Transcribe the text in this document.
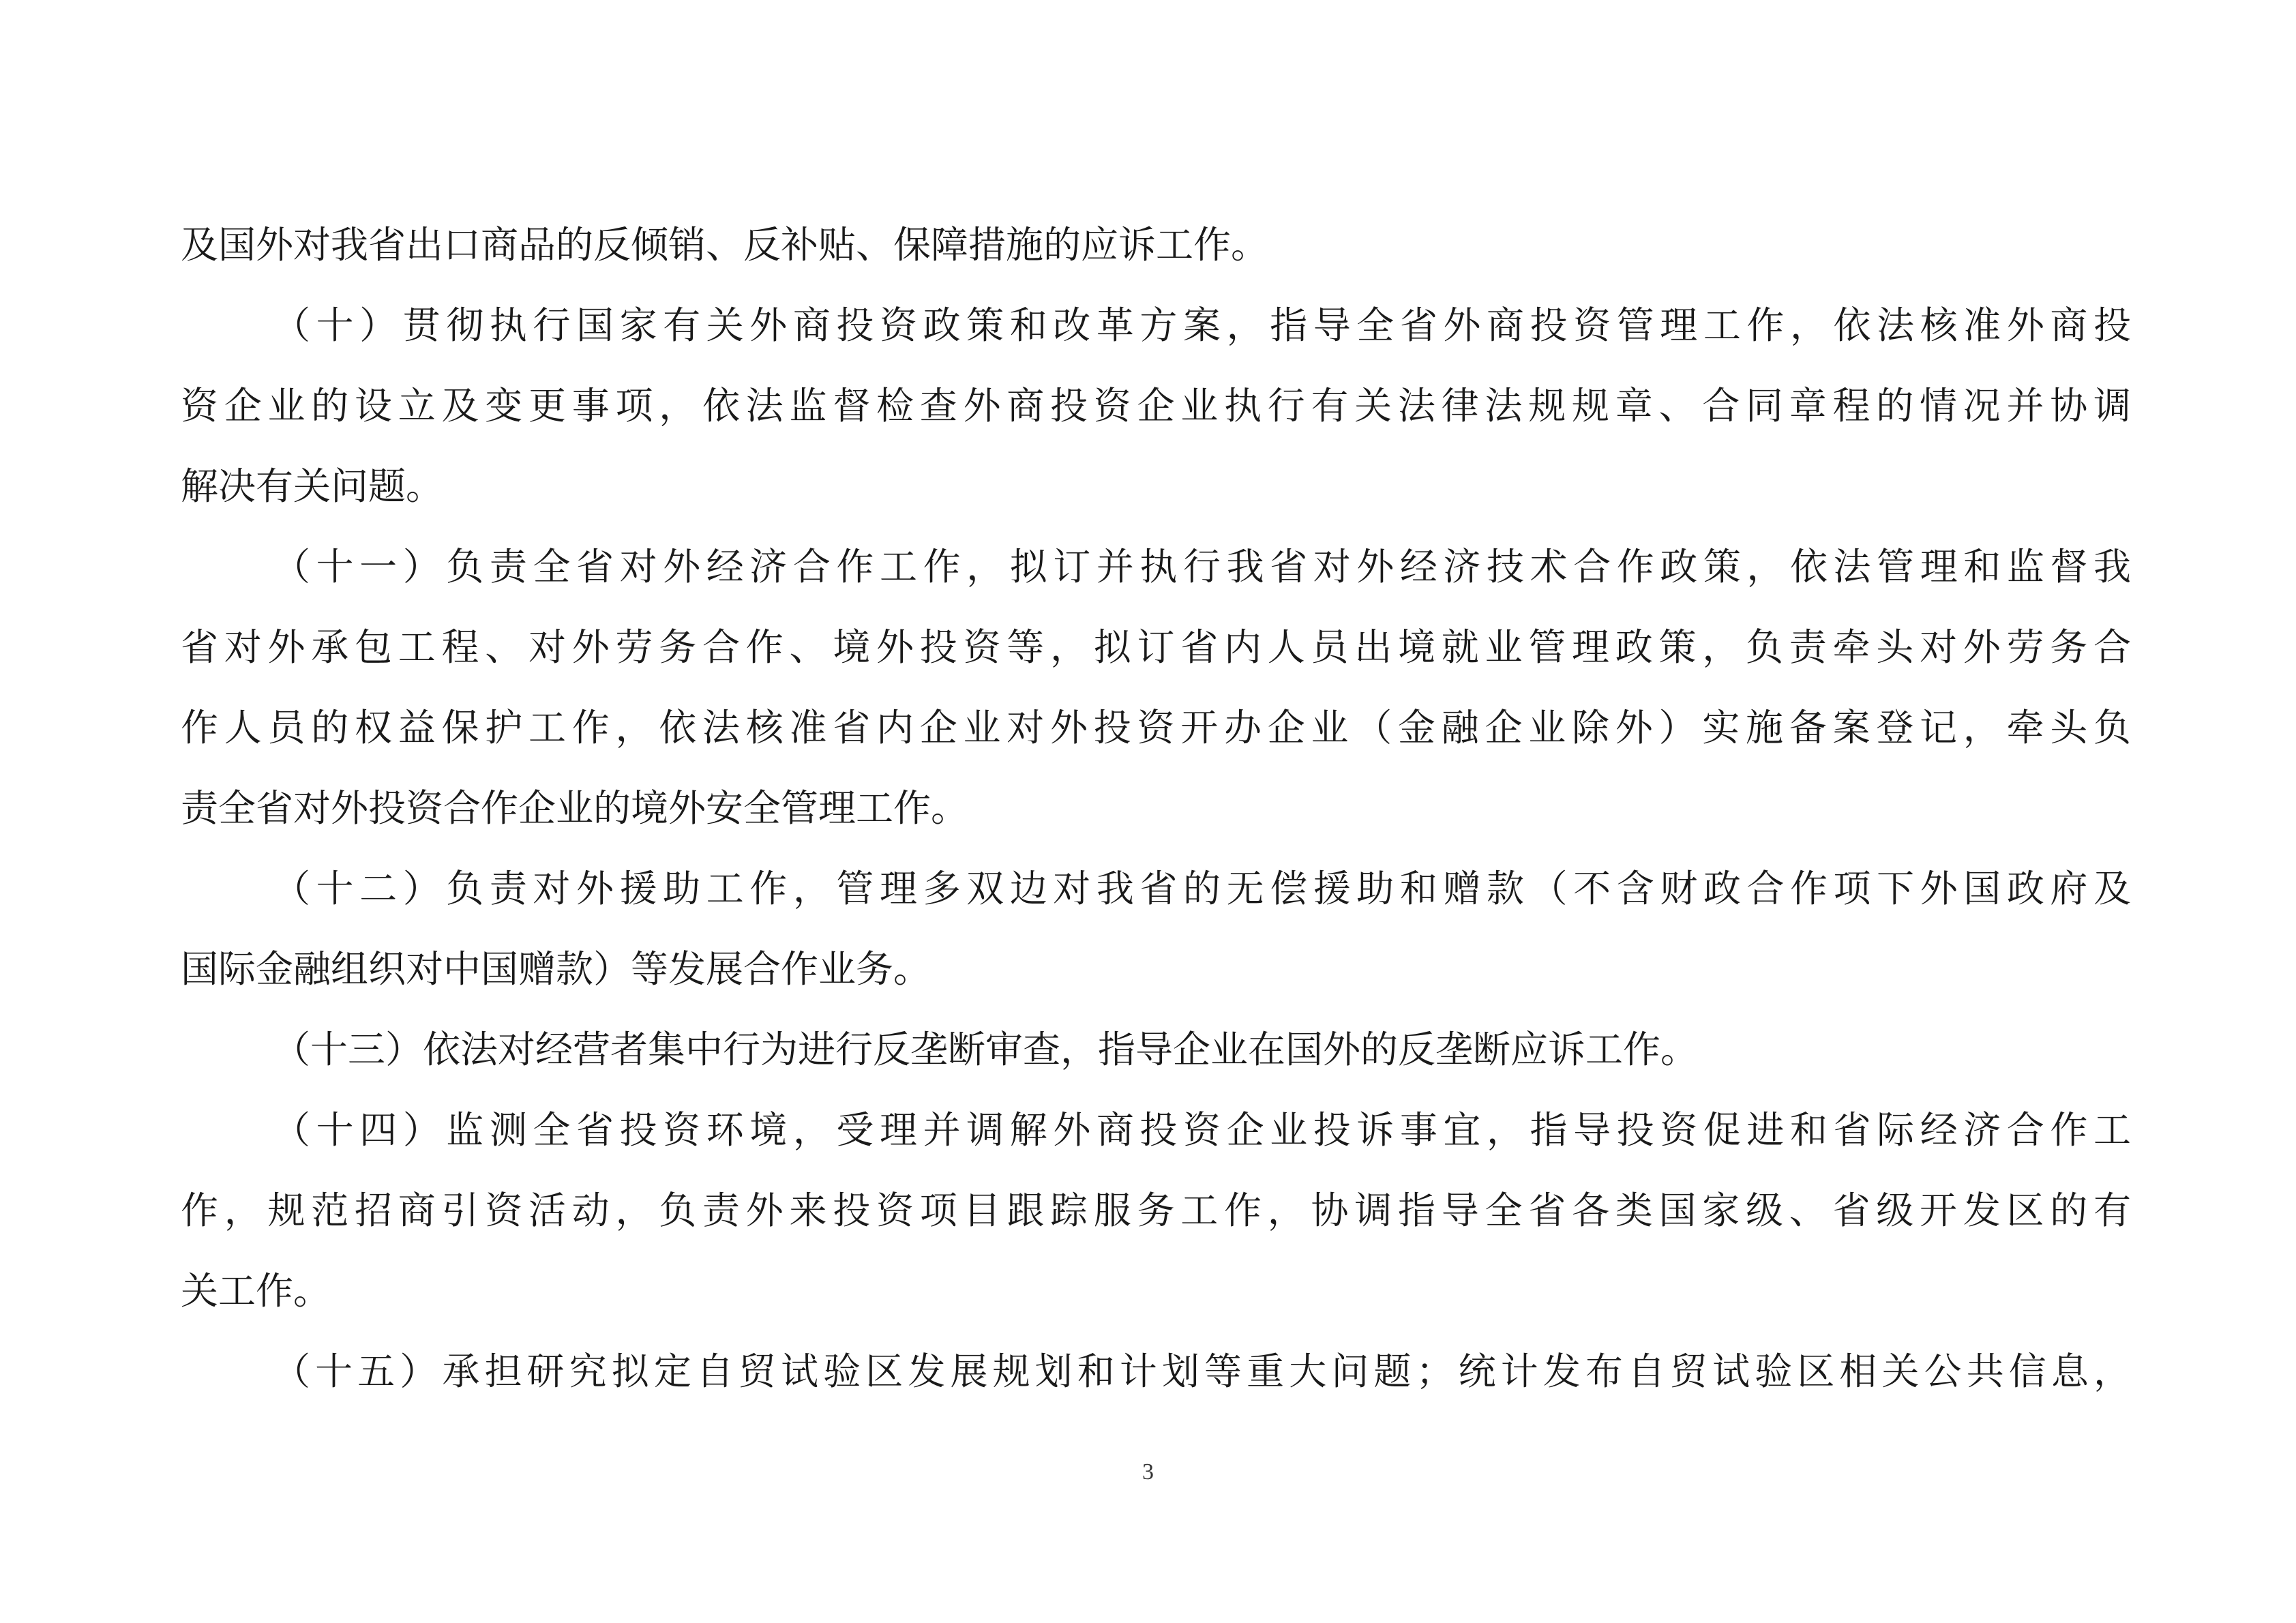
及国外对我省出口商品的反倾销、反补贴、保障措施的应诉工作。
（十）贯彻执行国家有关外商投资政策和改革方案，指导全省外商投资管理工作，依法核准外商投
资企业的设立及变更事项，依法监督检查外商投资企业执行有关法律法规规章、合同章程的情况并协调
解决有关问题。
（十一）负责全省对外经济合作工作，拟订并执行我省对外经济技术合作政策，依法管理和监督我
省对外承包工程、对外劳务合作、境外投资等，拟订省内人员出境就业管理政策，负责牵头对外劳务合
作人员的权益保护工作，依法核准省内企业对外投资开办企业（金融企业除外）实施备案登记，牵头负
责全省对外投资合作企业的境外安全管理工作。
（十二）负责对外援助工作，管理多双边对我省的无偿援助和赠款（不含财政合作项下外国政府及
国际金融组织对中国赠款）等发展合作业务。
（十三）依法对经营者集中行为进行反垄断审查，指导企业在国外的反垄断应诉工作。
（十四）监测全省投资环境，受理并调解外商投资企业投诉事宜，指导投资促进和省际经济合作工
作，规范招商引资活动，负责外来投资项目跟踪服务工作，协调指导全省各类国家级、省级开发区的有
关工作。
（十五）承担研究拟定自贸试验区发展规划和计划等重大问题；统计发布自贸试验区相关公共信息，
3
